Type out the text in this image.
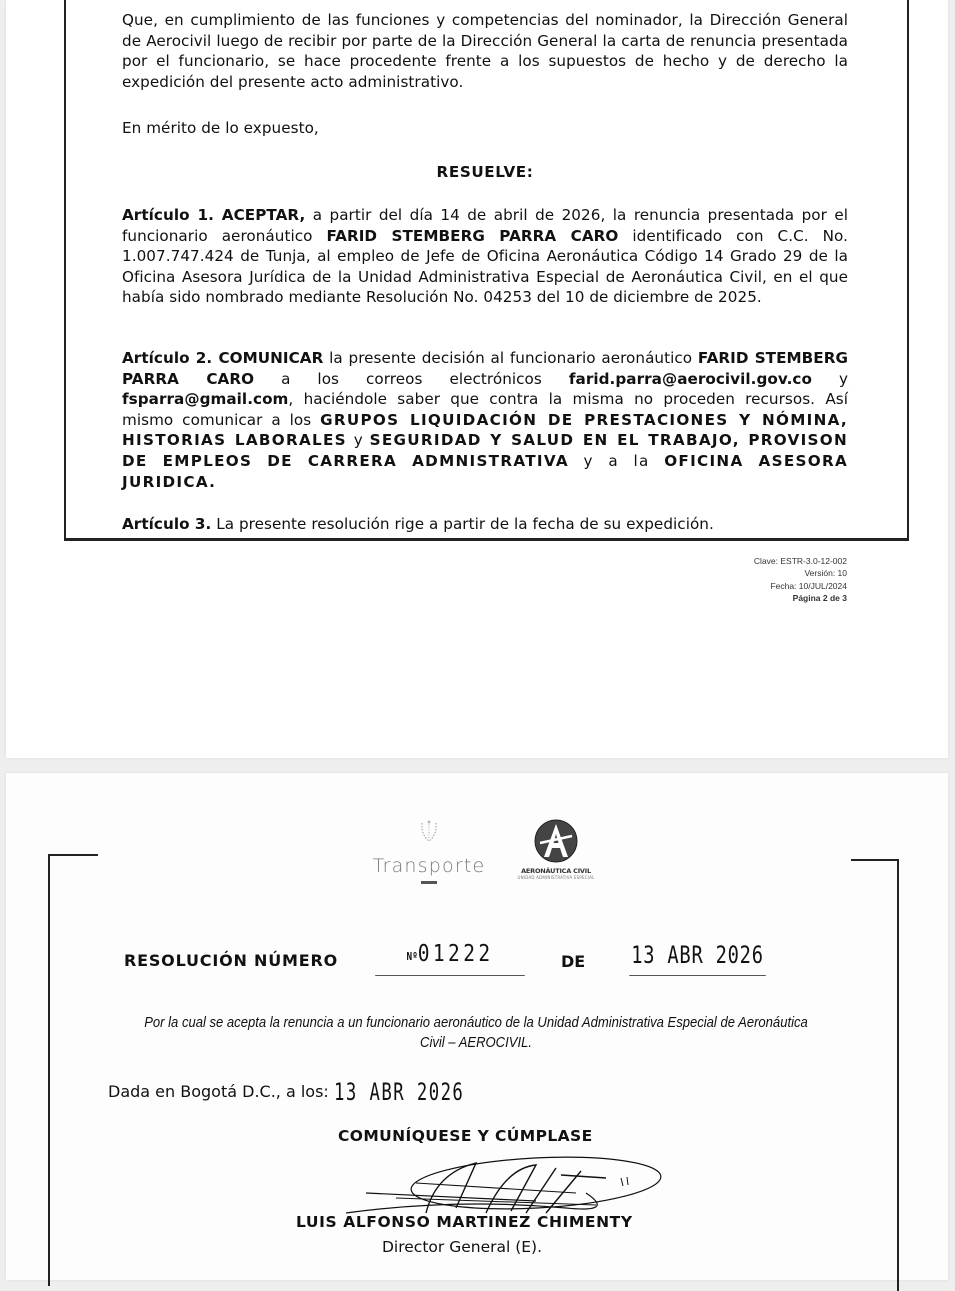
Que, en cumplimiento de las funciones y competencias del nominador, la Dirección General de Aerocivil luego de recibir por parte de la Dirección General la carta de renuncia presentada por el funcionario, se hace procedente frente a los supuestos de hecho y de derecho la expedición del presente acto administrativo.

En mérito de lo expuesto,

RESUELVE:

Artículo 1. ACEPTAR, a partir del día 14 de abril de 2026, la renuncia presentada por el funcionario aeronáutico FARID STEMBERG PARRA CARO identificado con C.C. No. 1.007.747.424 de Tunja, al empleo de Jefe de Oficina Aeronáutica Código 14 Grado 29 de la Oficina Asesora Jurídica de la Unidad Administrativa Especial de Aeronáutica Civil, en el que había sido nombrado mediante Resolución No. 04253 del 10 de diciembre de 2025.

Artículo 2. COMUNICAR la presente decisión al funcionario aeronáutico FARID STEMBERG PARRA CARO a los correos electrónicos farid.parra@aerocivil.gov.co y fsparra@gmail.com, haciéndole saber que contra la misma no proceden recursos. Así mismo comunicar a los GRUPOS LIQUIDACIÓN DE PRESTACIONES Y NÓMINA, HISTORIAS LABORALES y SEGURIDAD Y SALUD EN EL TRABAJO, PROVISON DE EMPLEOS DE CARRERA ADMNISTRATIVA y a la OFICINA ASESORA JURIDICA.

Artículo 3. La presente resolución rige a partir de la fecha de su expedición.

Clave: ESTR-3.0-12-002
Versión: 10
Fecha: 10/JUL/2024
Página 2 de 3
Transporte	AERONÁUTICA CIVIL
UNIDAD ADMINISTRATIVA ESPECIAL
RESOLUCIÓN NÚMERO	Nº01222	DE 13 ABR 2026
Por la cual se acepta la renuncia a un funcionario aeronáutico de la Unidad Administrativa Especial de Aeronáutica Civil – AEROCIVIL.
Dada en Bogotá D.C., a los: 13 ABR 2026
COMUNÍQUESE Y CÚMPLASE
LUIS ALFONSO MARTINEZ CHIMENTY
Director General (E).
